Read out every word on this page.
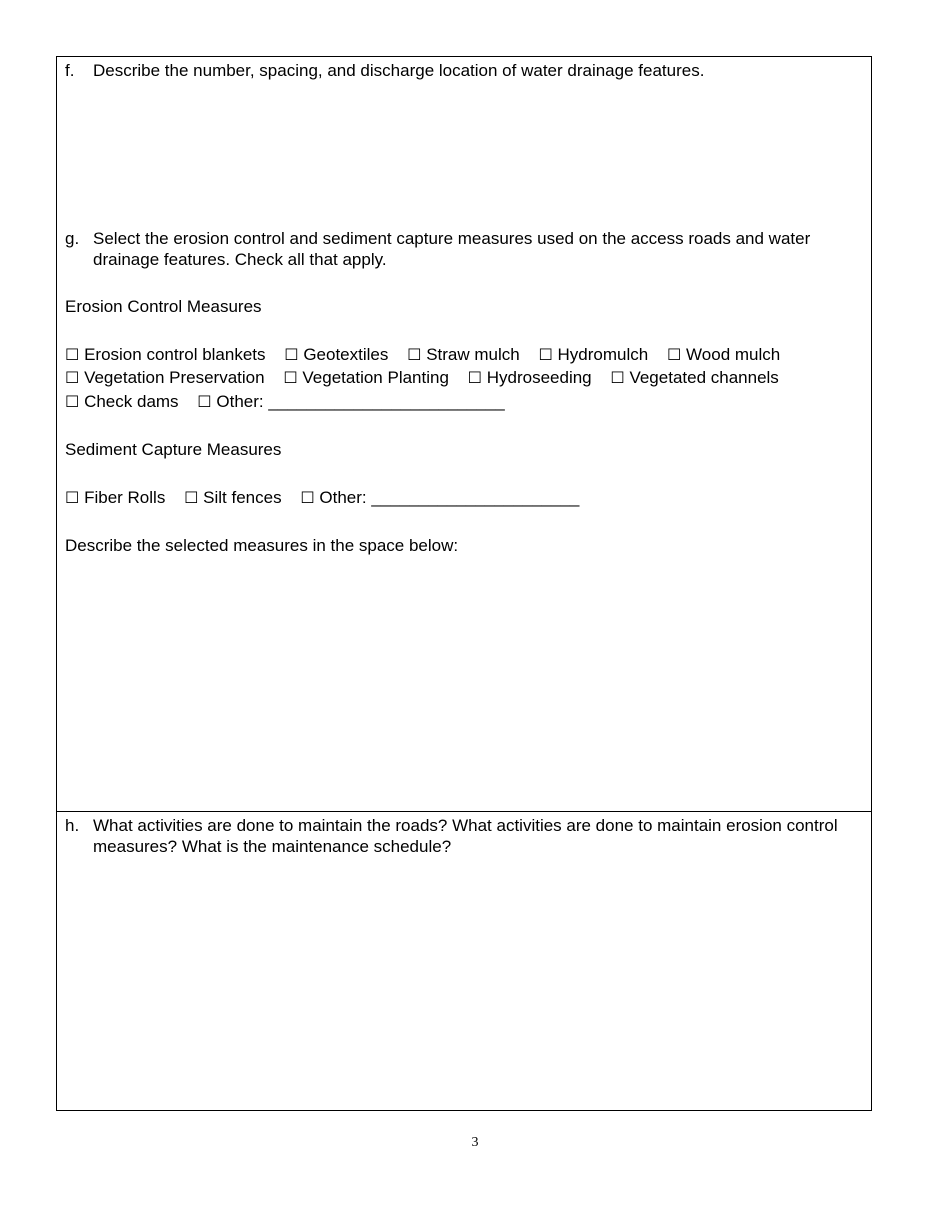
f. Describe the number, spacing, and discharge location of water drainage features.
g. Select the erosion control and sediment capture measures used on the access roads and water drainage features. Check all that apply.
Erosion Control Measures
☐ Erosion control blankets ☐ Geotextiles ☐ Straw mulch ☐ Hydromulch ☐ Wood mulch
☐ Vegetation Preservation ☐ Vegetation Planting ☐ Hydroseeding ☐ Vegetated channels
☐ Check dams ☐ Other: _________________________
Sediment Capture Measures
☐ Fiber Rolls ☐ Silt fences ☐ Other: ______________________
Describe the selected measures in the space below:
h. What activities are done to maintain the roads? What activities are done to maintain erosion control measures? What is the maintenance schedule?
3
